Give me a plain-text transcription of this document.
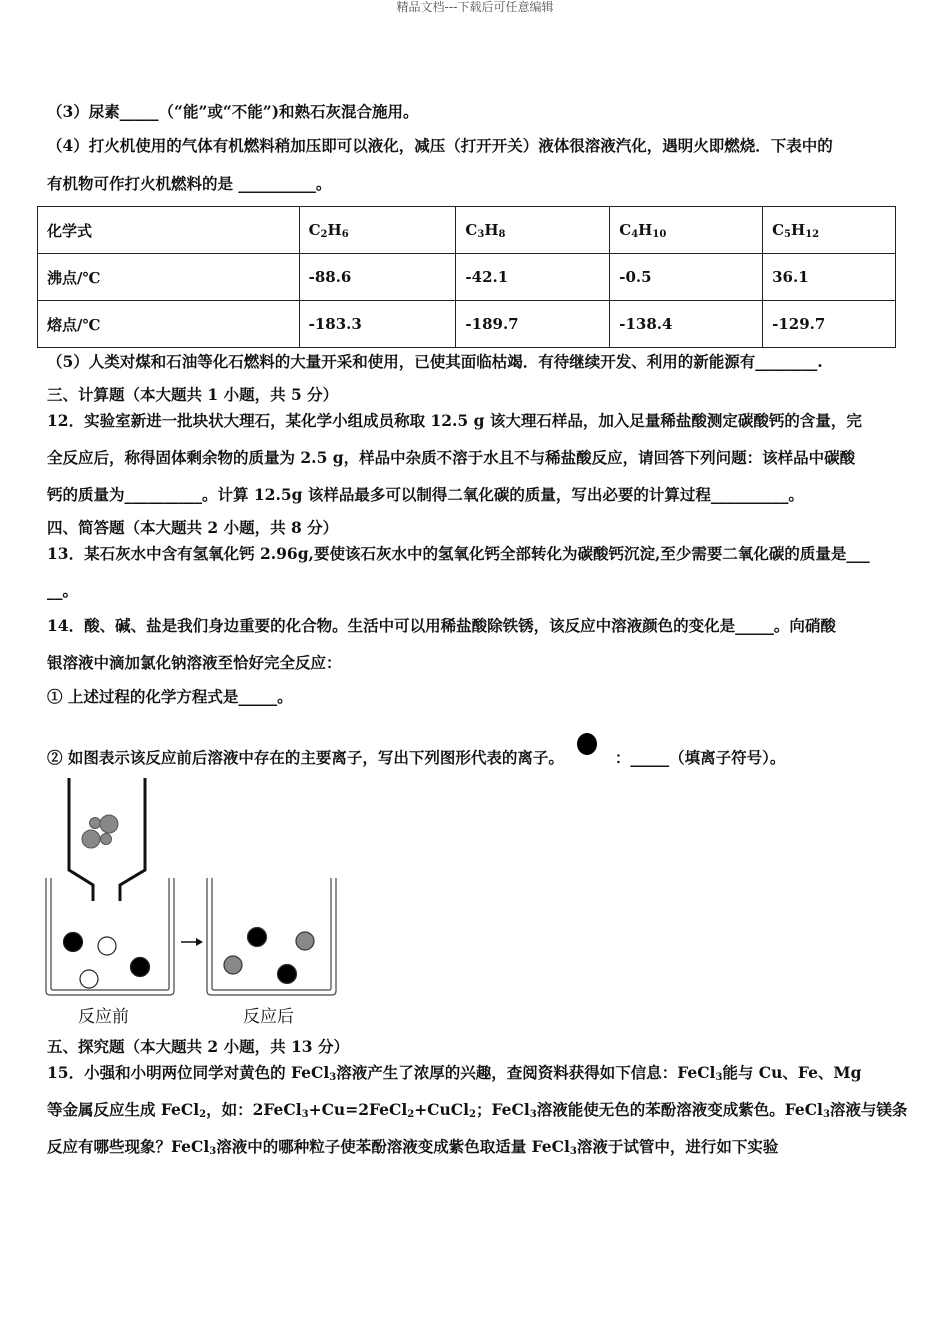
精品文档---下载后可任意编辑
（3）尿素_____（“能”或“不能”)和熟石灰混合施用。
（4）打火机使用的气体有机燃料稍加压即可以液化，减压（打开开关）液体很溶液汽化，遇明火即燃烧．下表中的
有机物可作打火机燃料的是 __________。
（5）人类对煤和石油等化石燃料的大量开采和使用，已使其面临枯竭．有待继续开发、利用的新能源有________.
三、计算题（本大题共 1 小题，共 5 分）
12．实验室新进一批块状大理石，某化学小组成员称取 12.5 g 该大理石样品，加入足量稀盐酸测定碳酸钙的含量，完
全反应后，称得固体剩余物的质量为 2.5 g，样品中杂质不溶于水且不与稀盐酸反应，请回答下列问题：该样品中碳酸
钙的质量为__________。计算 12.5g 该样品最多可以制得二氧化碳的质量，写出必要的计算过程__________。
四、简答题（本大题共 2 小题，共 8 分）
13．某石灰水中含有氢氧化钙 2.96g,要使该石灰水中的氢氧化钙全部转化为碳酸钙沉淀,至少需要二氧化碳的质量是___
__。
14．酸、碱、盐是我们身边重要的化合物。生活中可以用稀盐酸除铁锈，该反应中溶液颜色的变化是_____。向硝酸
银溶液中滴加氯化钠溶液至恰好完全反应：
① 上述过程的化学方程式是_____。
② 如图表示该反应前后溶液中存在的主要离子，写出下列图形代表的离子。     ：_____（填离子符号）。
五、探究题（本大题共 2 小题，共 13 分）
15．小强和小明两位同学对黄色的 FeCl$_3$溶液产生了浓厚的兴趣，查阅资料获得如下信息：FeCl$_3$能与 Cu、Fe、Mg
等金属反应生成 FeCl$_2$，如：2FeCl$_3$+Cu=2FeCl$_2$+CuCl$_2$；FeCl$_3$溶液能使无色的苯酚溶液变成紫色。FeCl$_3$溶液与镁条
反应有哪些现象？FeCl$_3$溶液中的哪种粒子使苯酚溶液变成紫色取适量 FeCl$_3$溶液于试管中，进行如下实验
化学式	$C_2H_6$	$C_3H_8$	$C_4H_{10}$	$C_5H_{12}$
沸点/℃	-88.6	-42.1	-0.5	36.1
熔点/℃	-183.3	-189.7	-138.4	-129.7
反应前	反应后
